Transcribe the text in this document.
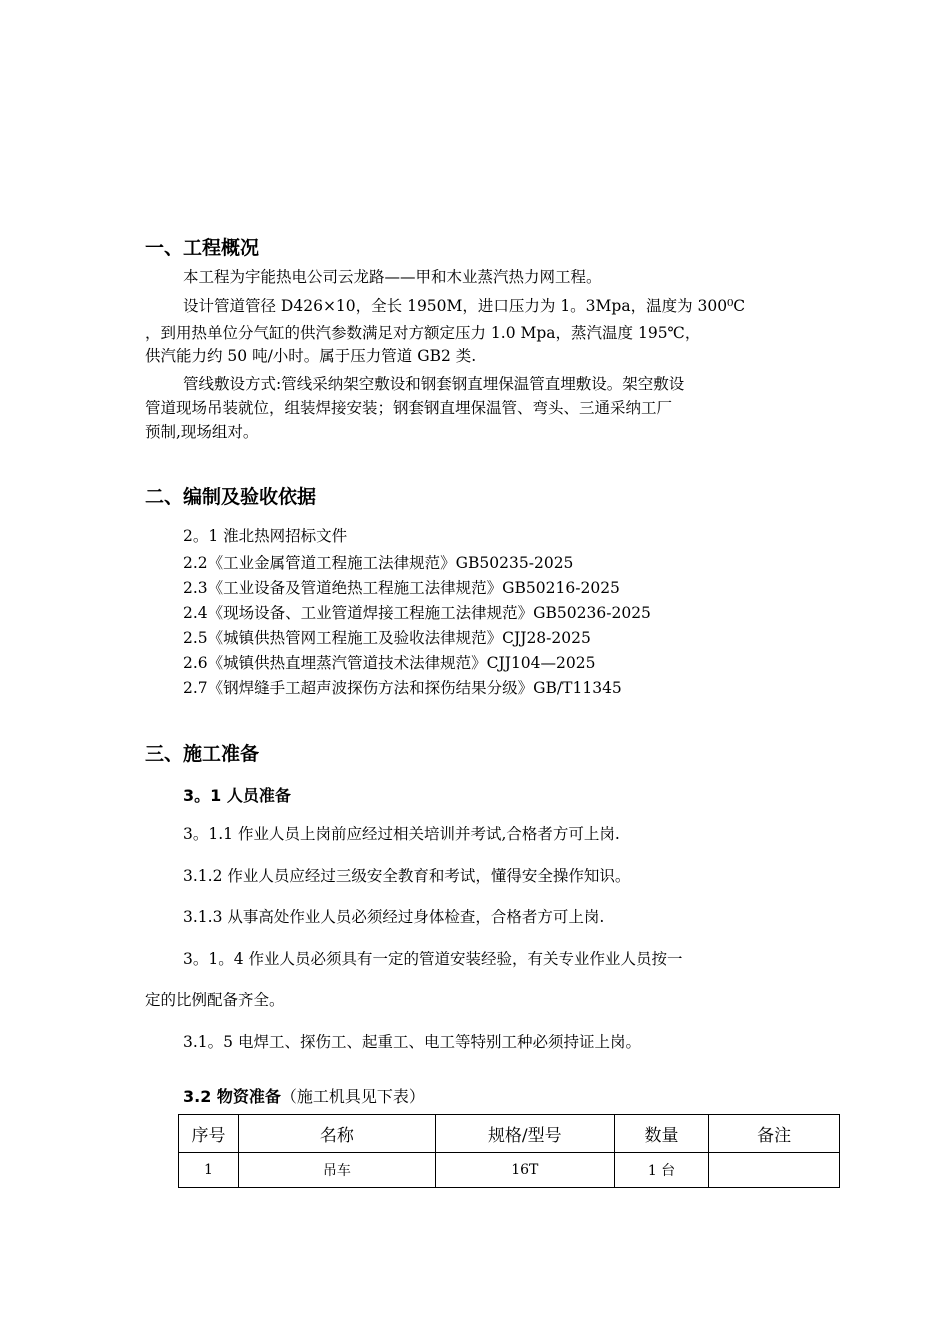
一、工程概况
本工程为宇能热电公司云龙路——甲和木业蒸汽热力网工程。
设计管道管径 D426×10，全长 1950M，进口压力为 1。3Mpa，温度为 300⁰C
，到用热单位分气缸的供汽参数满足对方额定压力 1.0 Mpa，蒸汽温度 195℃，
供汽能力约 50 吨/小时。属于压力管道 GB2 类.
管线敷设方式:管线采纳架空敷设和钢套钢直埋保温管直埋敷设。架空敷设
管道现场吊装就位，组装焊接安装；钢套钢直埋保温管、弯头、三通采纳工厂
预制,现场组对。
二、编制及验收依据
2。1 淮北热网招标文件
2.2《工业金属管道工程施工法律规范》GB50235-2025
2.3《工业设备及管道绝热工程施工法律规范》GB50216-2025
2.4《现场设备、工业管道焊接工程施工法律规范》GB50236-2025
2.5《城镇供热管网工程施工及验收法律规范》CJJ28-2025
2.6《城镇供热直埋蒸汽管道技术法律规范》CJJ104—2025
2.7《钢焊缝手工超声波探伤方法和探伤结果分级》GB/T11345
三、施工准备
3。1 人员准备
3。1.1 作业人员上岗前应经过相关培训并考试,合格者方可上岗.
3.1.2 作业人员应经过三级安全教育和考试，懂得安全操作知识。
3.1.3 从事高处作业人员必须经过身体检查，合格者方可上岗.
3。1。4 作业人员必须具有一定的管道安装经验，有关专业作业人员按一
定的比例配备齐全。
3.1。5 电焊工、探伤工、起重工、电工等特别工种必须持证上岗。
3.2 物资准备（施工机具见下表）
序号	名称	规格/型号	数量	备注
1	吊车	16T	1 台	
